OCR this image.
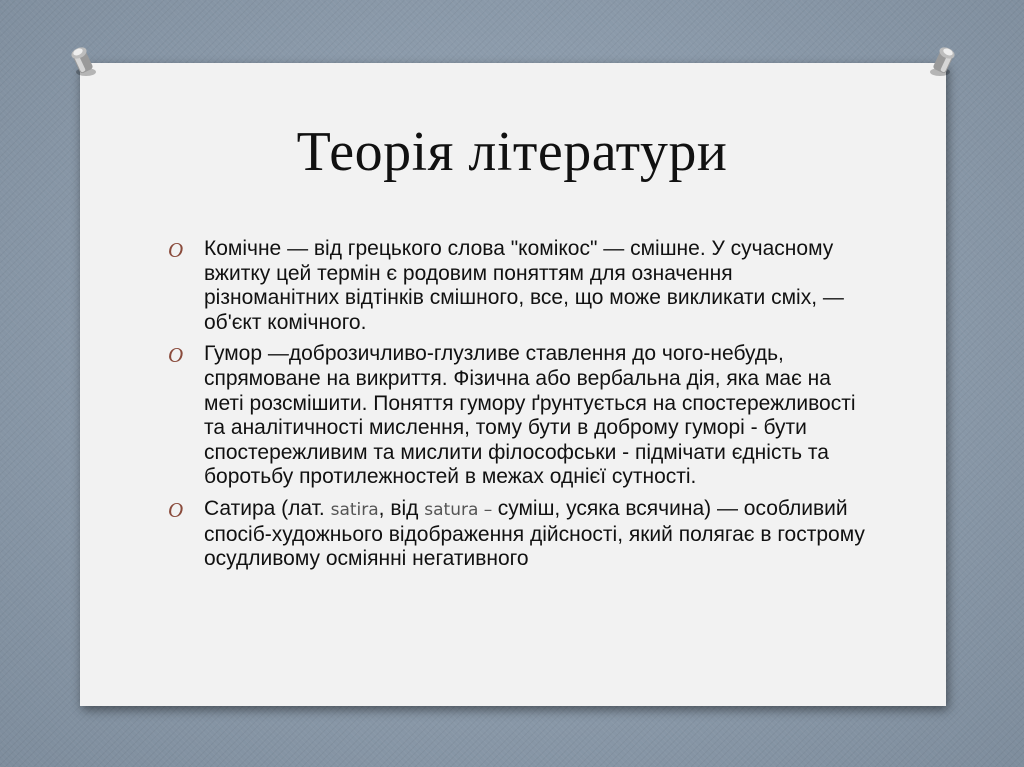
Теорія літератури
O Комічне — від грецького слова "комікос" — смішне. У сучасному вжитку цей термін є родовим поняттям для означення різноманітних відтінків смішного, все, що може викликати сміх, — об'єкт комічного.
O Гумор —доброзичливо-глузливе ставлення до чого-небудь, спрямоване на викриття. Фізична або вербальна дія, яка має на меті розсмішити. Поняття гумору ґрунтується на спостережливості та аналітичності мислення, тому бути в доброму гуморі - бути спостережливим та мислити філософськи - підмічати єдність та боротьбу протилежностей в межах однієї сутності.
O Сатира (лат. satira, від satura – суміш, усяка всячина) — особливий спосіб-художнього відображення дійсності, який полягає в гострому осудливому осміянні негативного
